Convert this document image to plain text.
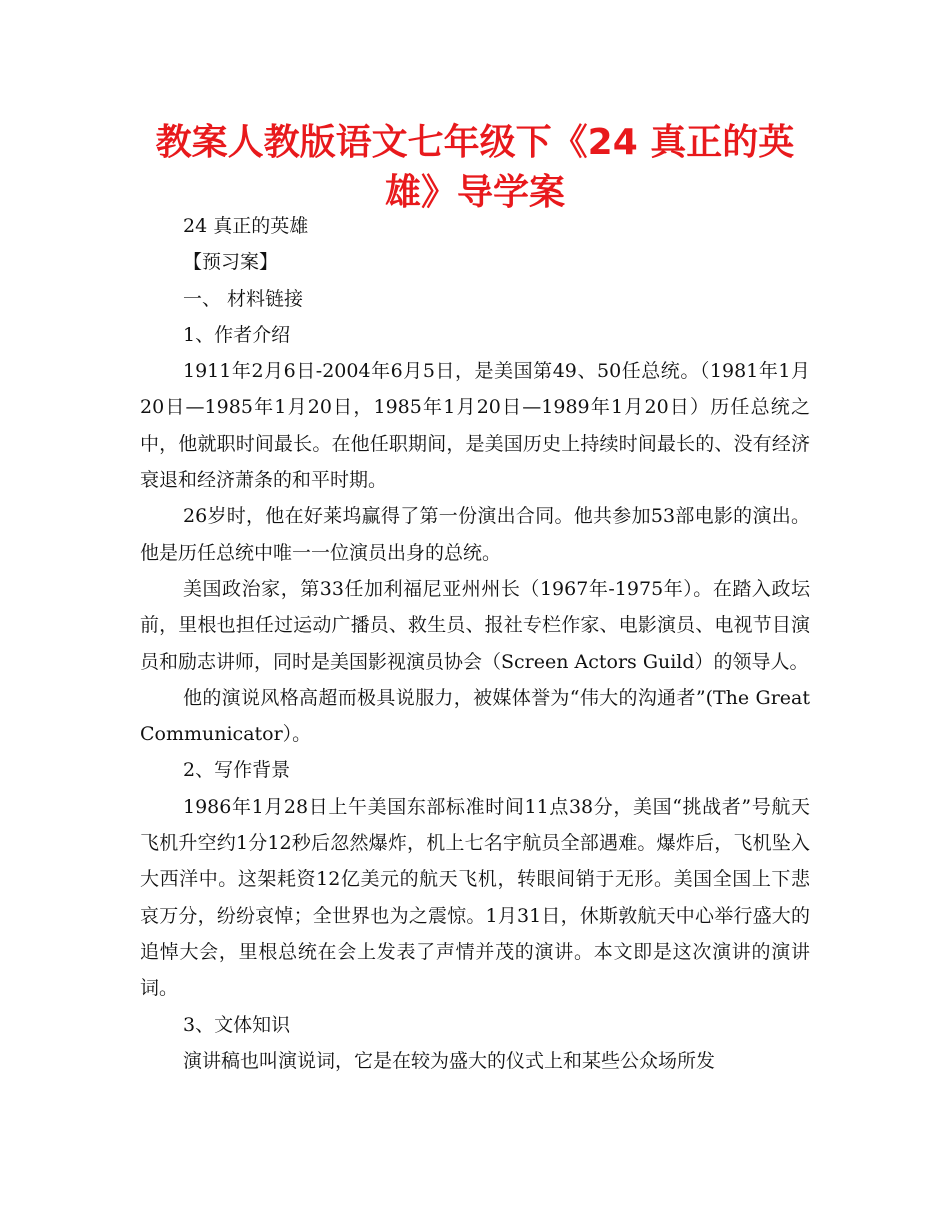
教案人教版语文七年级下《24 真正的英雄》导学案

24 真正的英雄

【预习案】

一、 材料链接

1、作者介绍

1911年2月6日-2004年6月5日，是美国第49、50任总统。（1981年1月20日—1985年1月20日，1985年1月20日—1989年1月20日）历任总统之中，他就职时间最长。在他任职期间，是美国历史上持续时间最长的、没有经济衰退和经济萧条的和平时期。

26岁时，他在好莱坞赢得了第一份演出合同。他共参加53部电影的演出。他是历任总统中唯一一位演员出身的总统。

美国政治家，第33任加利福尼亚州州长（1967年-1975年）。在踏入政坛前，里根也担任过运动广播员、救生员、报社专栏作家、电影演员、电视节目演员和励志讲师，同时是美国影视演员协会（Screen Actors Guild）的领导人。

他的演说风格高超而极具说服力，被媒体誉为“伟大的沟通者”(The Great Communicator）。

2、写作背景

1986年1月28日上午美国东部标准时间11点38分，美国“挑战者”号航天飞机升空约1分12秒后忽然爆炸，机上七名宇航员全部遇难。爆炸后，飞机坠入大西洋中。这架耗资12亿美元的航天飞机，转眼间销于无形。美国全国上下悲哀万分，纷纷哀悼；全世界也为之震惊。1月31日，休斯敦航天中心举行盛大的追悼大会，里根总统在会上发表了声情并茂的演讲。本文即是这次演讲的演讲词。

3、文体知识

演讲稿也叫演说词，它是在较为盛大的仪式上和某些公众场所发
